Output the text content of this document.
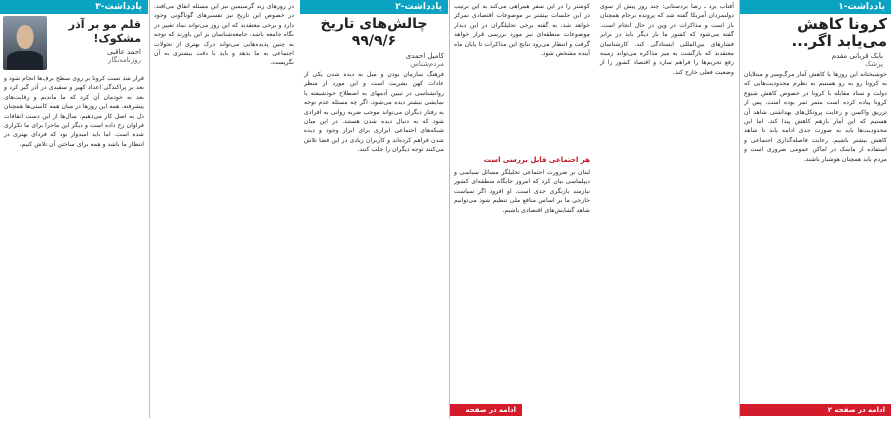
یادداشت-۱
کرونا کاهش می‌یابد اگر...
بابک قربانی مقدم
پزشک
خوشبختانه این روزها با کاهش آمار مرگ‌ومیر و مبتلایان به کرونا رو به رو هستیم به نظرم محدودیت‌هایی که دولت و ستاد مقابله با کرونا در خصوص کاهش شیوع کرونا پیاده کرده است مثمر ثمر بوده است. پس از تزریق واکسن و رعایت پروتکل‌های بهداشتی شاهد آن هستیم که این آمار بازهم کاهش پیدا کند. اما این محدودیت‌ها باید به صورت جدی ادامه یابد تا شاهد کاهش بیشتر باشیم. رعایت فاصله‌گذاری اجتماعی و استفاده از ماسک در اماکن عمومی ضروری است و مردم باید همچنان هوشیار باشند.
ادامه در صفحه ۲
آفتاب یزد ـ رضا بردستانی: چند روز پیش از سوی دولتمردان آمریکا گفته شد که پرونده برجام همچنان باز است و مذاکرات در وین در حال انجام است. گفته می‌شود که کشور ما بار دیگر باید در برابر فشارهای بین‌المللی ایستادگی کند. کارشناسان معتقدند که بازگشت به میز مذاکره می‌تواند زمینه رفع تحریم‌ها را فراهم سازد و اقتصاد کشور را از وضعیت فعلی خارج کند.
کوشنر را در این سفر همراهی می‌کند به این ترتیب در این جلسات بیشتر بر موضوعات اقتصادی تمرکز خواهد شد. به گفته برخی تحلیلگران در این دیدار موضوعات منطقه‌ای نیز مورد بررسی قرار خواهد گرفت و انتظار می‌رود نتایج این مذاکرات تا پایان ماه آینده مشخص شود.
هر اجتماعی قابل بررسی است
لبنان بر ضرورت اجتماعی تحلیلگر مسائل سیاسی و دیپلماسی بیان کرد که امروز جایگاه منطقه‌ای کشور نیازمند بازنگری جدی است. او افزود اگر سیاست خارجی ما بر اساس منافع ملی تنظیم شود می‌توانیم شاهد گشایش‌های اقتصادی باشیم.
ادامه در صفحه ۱۱
یادداشت-۲
چالش‌های تاریخ ۹۹/۹/۶
کامیل احمدی
مردم‌شناس
فرهنگ سازمان بودن و میل به دیده شدن یکی از عادات کهن بشریت است و این مورد از منظر روانشناسی در تبیین آدمهای به اصطلاح خودشیفته یا نمایشی بیشتر دیده می‌شود. اگر چه مسئله عدم توجه به رفتار دیگران می‌تواند موجب ضربه روانی به افرادی شود که به دنبال دیده شدن هستند. در این میان شبکه‌های اجتماعی ابزاری برای ابراز وجود و دیده شدن فراهم کرده‌اند و کاربران زیادی در این فضا تلاش می‌کنند توجه دیگران را جلب کنند.
در روزهای زند گرسیمین نیز این مسئله اتفاق می‌افتد. در خصوص این تاریخ نیز تفسیرهای گوناگونی وجود دارد و برخی معتقدند که این روز می‌تواند نماد تغییر در نگاه جامعه باشد. جامعه‌شناسان بر این باورند که توجه به چنین پدیده‌هایی می‌تواند درک بهتری از تحولات اجتماعی به ما بدهد و باید با دقت بیشتری به آن نگریست.
یادداشت-۳
قلم مو بر آذر مشکوک!
احمد عاقبی
روزنامه‌نگار
قرار شد تست کرونا بر روی سطح برف‌ها انجام شود و بعد بر پراکندگی اعداد کهیر و سفیدی در آذر گیر کرد و بعد نه خودمان آن کرد که ما ماندیم و رقابت‌های پیشرفته. همه این روزها در میان همه کاستی‌ها همچنان دل به اصل کار می‌دهیم. سال‌ها از این دست اتفاقات فراوان رخ داده است و دیگر این ماجرا برای ما تکراری شده است. اما باید امیدوار بود که فردای بهتری در انتظار ما باشد و همه برای ساختن آن تلاش کنیم.
